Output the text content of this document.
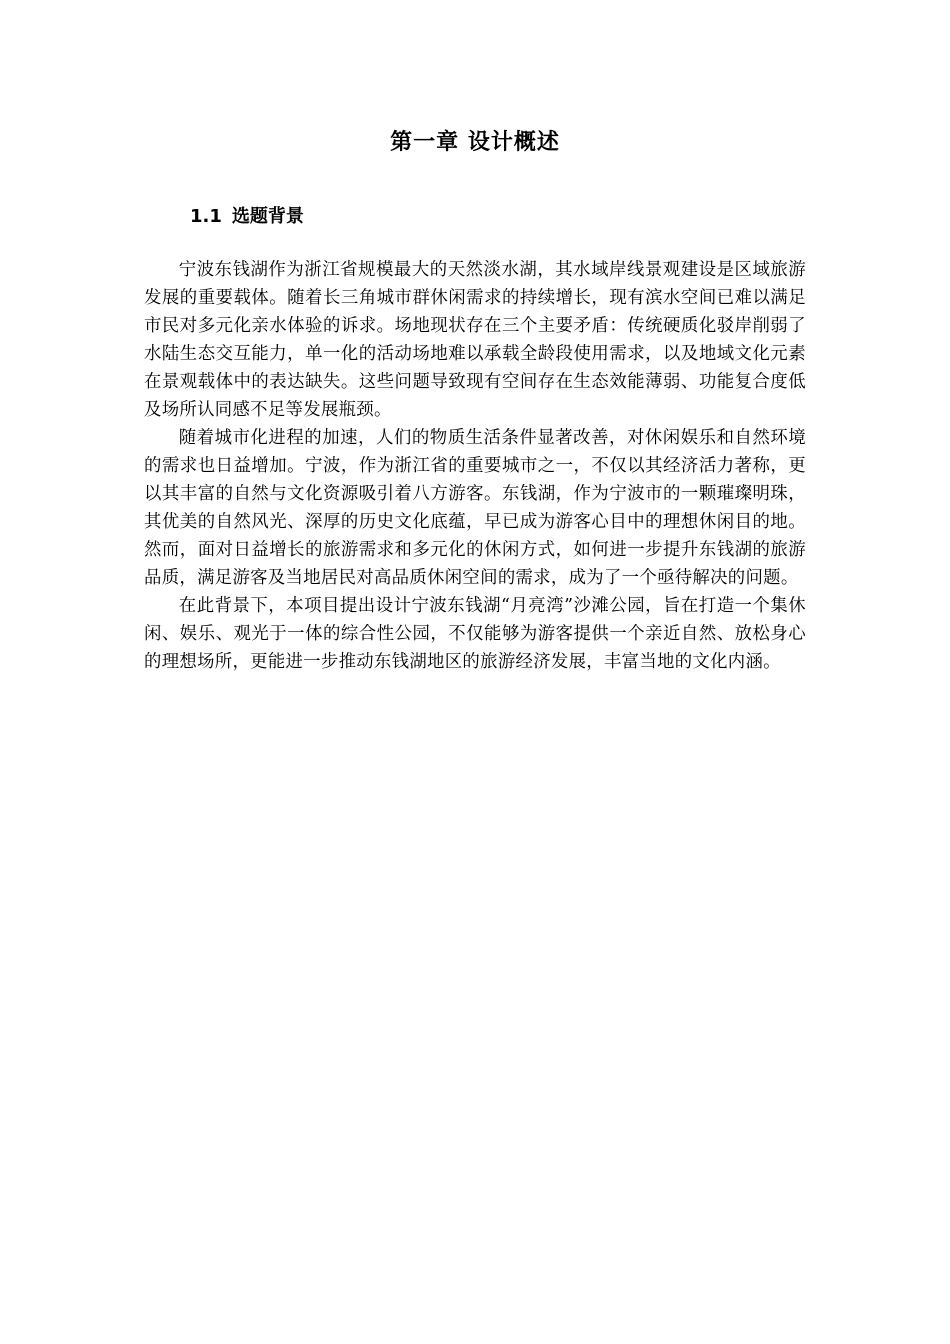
第一章 设计概述
1.1 选题背景

宁波东钱湖作为浙江省规模最大的天然淡水湖，其水域岸线景观建设是区域旅游发展的重要载体。随着长三角城市群休闲需求的持续增长，现有滨水空间已难以满足市民对多元化亲水体验的诉求。场地现状存在三个主要矛盾：传统硬质化驳岸削弱了水陆生态交互能力，单一化的活动场地难以承载全龄段使用需求，以及地域文化元素在景观载体中的表达缺失。这些问题导致现有空间存在生态效能薄弱、功能复合度低及场所认同感不足等发展瓶颈。

随着城市化进程的加速，人们的物质生活条件显著改善，对休闲娱乐和自然环境的需求也日益增加。宁波，作为浙江省的重要城市之一，不仅以其经济活力著称，更以其丰富的自然与文化资源吸引着八方游客。东钱湖，作为宁波市的一颗璀璨明珠，其优美的自然风光、深厚的历史文化底蕴，早已成为游客心目中的理想休闲目的地。然而，面对日益增长的旅游需求和多元化的休闲方式，如何进一步提升东钱湖的旅游品质，满足游客及当地居民对高品质休闲空间的需求，成为了一个亟待解决的问题。

在此背景下，本项目提出设计宁波东钱湖“月亮湾”沙滩公园，旨在打造一个集休闲、娱乐、观光于一体的综合性公园，不仅能够为游客提供一个亲近自然、放松身心的理想场所，更能进一步推动东钱湖地区的旅游经济发展，丰富当地的文化内涵。
